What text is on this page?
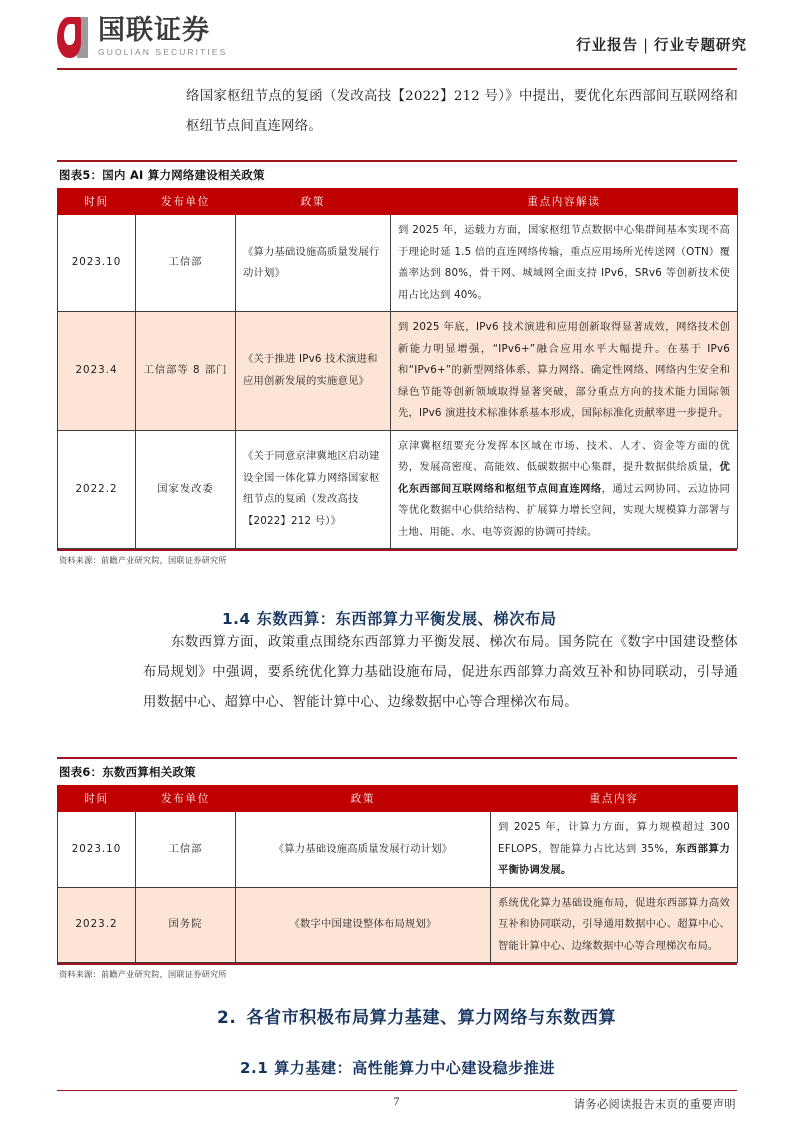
国联证券
GUOLIAN SECURITIES	行业报告 | 行业专题研究
络国家枢纽节点的复函（发改高技【2022】212 号）》中提出，要优化东西部间互联网络和枢纽节点间直连网络。
图表5：国内 AI 算力网络建设相关政策
时间	发布单位	政策	重点内容解读
2023.10	工信部	《算力基础设施高质量发展行动计划》	到 2025 年，运载力方面，国家枢纽节点数据中心集群间基本实现不高于理论时延 1.5 倍的直连网络传输，重点应用场所光传送网（OTN）覆盖率达到 80%，骨干网、城域网全面支持 IPv6，SRv6 等创新技术使用占比达到 40%。
2023.4	工信部等 8 部门	《关于推进 IPv6 技术演进和应用创新发展的实施意见》	到 2025 年底，IPv6 技术演进和应用创新取得显著成效，网络技术创新能力明显增强，“IPv6+”融合应用水平大幅提升。在基于 IPv6 和“IPv6+”的新型网络体系、算力网络、确定性网络、网络内生安全和绿色节能等创新领域取得显著突破，部分重点方向的技术能力国际领先，IPv6 演进技术标准体系基本形成，国际标准化贡献率进一步提升。
2022.2	国家发改委	《关于同意京津冀地区启动建设全国一体化算力网络国家枢纽节点的复函（发改高技【2022】212 号）》	京津冀枢纽要充分发挥本区域在市场、技术、人才、资金等方面的优势，发展高密度、高能效、低碳数据中心集群，提升数据供给质量，优化东西部间互联网络和枢纽节点间直连网络，通过云网协同、云边协同等优化数据中心供给结构、扩展算力增长空间，实现大规模算力部署与土地、用能、水、电等资源的协调可持续。
资料来源：前瞻产业研究院，国联证券研究所
1.4 东数西算：东西部算力平衡发展、梯次布局
东数西算方面，政策重点围绕东西部算力平衡发展、梯次布局。国务院在《数字中国建设整体布局规划》中强调，要系统优化算力基础设施布局，促进东西部算力高效互补和协同联动，引导通用数据中心、超算中心、智能计算中心、边缘数据中心等合理梯次布局。
图表6：东数西算相关政策
时间	发布单位	政策	重点内容
2023.10	工信部	《算力基础设施高质量发展行动计划》	到 2025 年，计算力方面，算力规模超过 300 EFLOPS，智能算力占比达到 35%，东西部算力平衡协调发展。
2023.2	国务院	《数字中国建设整体布局规划》	系统优化算力基础设施布局，促进东西部算力高效互补和协同联动，引导通用数据中心、超算中心、智能计算中心、边缘数据中心等合理梯次布局。
资料来源：前瞻产业研究院，国联证券研究所
2. 各省市积极布局算力基建、算力网络与东数西算
2.1 算力基建：高性能算力中心建设稳步推进
7	请务必阅读报告末页的重要声明
